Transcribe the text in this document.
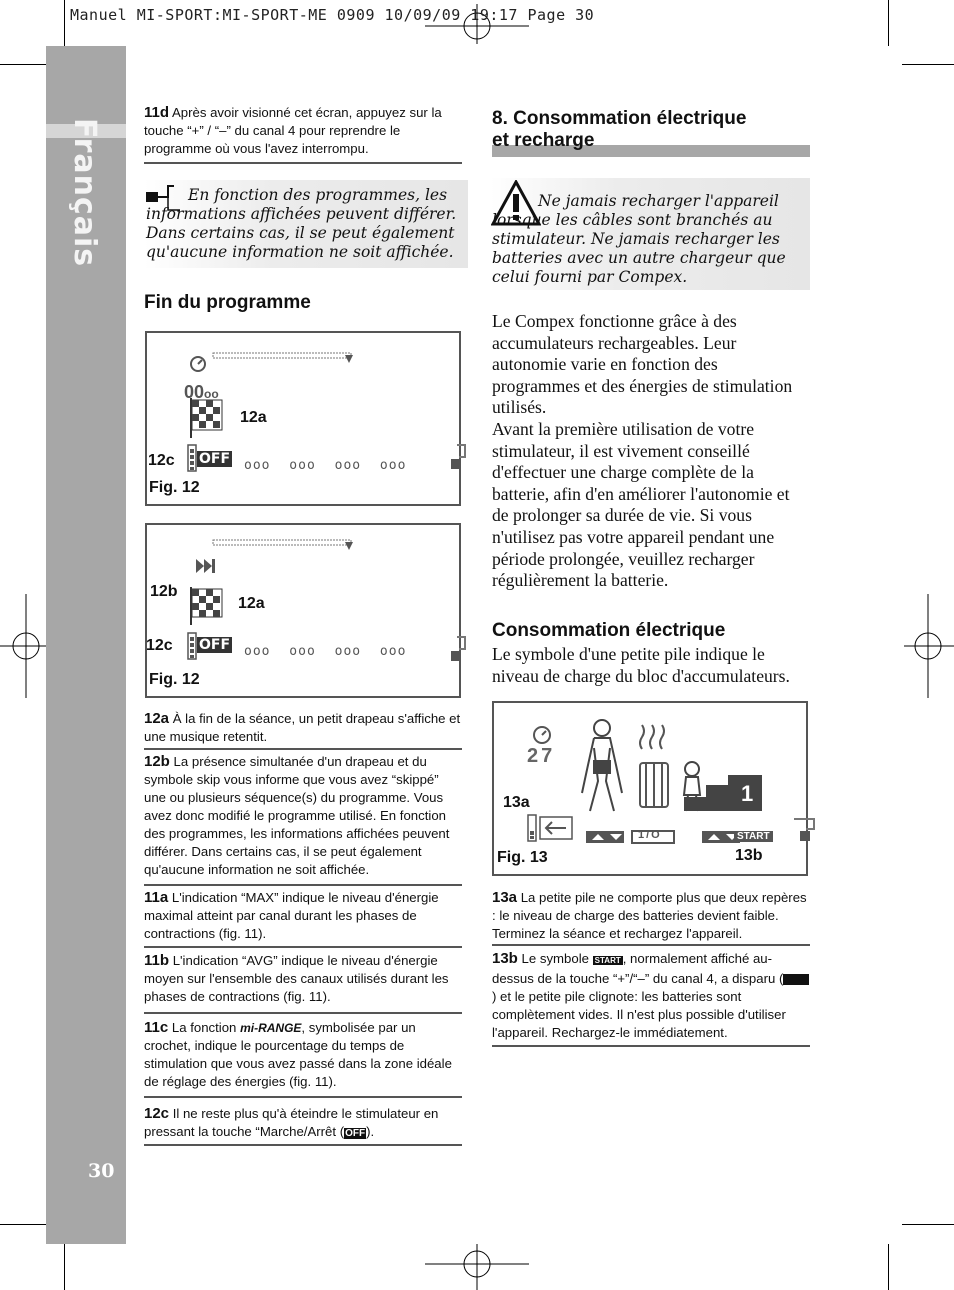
Manuel MI-SPORT:MI-SPORT-ME 0909 10/09/09 19:17 Page 30
Français
30
11d Après avoir visionné cet écran, appuyez sur la touche “+” / “–” du canal 4 pour reprendre le programme où vous l'avez interrompu.
En fonction des programmes, les informations affichées peuvent différer. Dans certains cas, il se peut également qu'aucune information ne soit affichée.
Fin du programme
00oo
12a
12c OFF ooo ooo ooo ooo
Fig. 12
12b
12a
12c OFF ooo ooo ooo ooo
Fig. 12
12a À la fin de la séance, un petit drapeau s'affiche et une musique retentit.
12b La présence simultanée d'un drapeau et du symbole skip vous informe que vous avez “skippé” une ou plusieurs séquence(s) du programme. Vous avez donc modifié le programme utilisé. En fonction des programmes, les informations affichées peuvent différer. Dans certains cas, il se peut également qu'aucune information ne soit affichée.
11a L'indication “MAX” indique le niveau d'énergie maximal atteint par canal durant les phases de contractions (fig. 11).
11b L'indication “AVG” indique le niveau d'énergie moyen sur l'ensemble des canaux utilisés durant les phases de contractions (fig. 11).
11c La fonction mi-RANGE, symbolisée par un crochet, indique le pourcentage du temps de stimulation que vous avez passé dans la zone idéale de réglage des énergies (fig. 11).
12c Il ne reste plus qu'à éteindre le stimulateur en pressant la touche “Marche/Arrêt (OFF).
8. Consommation électrique
et recharge
Ne jamais recharger l'appareil lorsque les câbles sont branchés au stimulateur. Ne jamais recharger les batteries avec un autre chargeur que celui fourni par Compex.
Le Compex fonctionne grâce à des accumulateurs rechargeables. Leur autonomie varie en fonction des programmes et des énergies de stimulation utilisés.
Avant la première utilisation de votre stimulateur, il est vivement conseillé d'effectuer une charge complète de la batterie, afin d'en améliorer l'autonomie et de prolonger sa durée de vie. Si vous n'utilisez pas votre appareil pendant une période prolongée, veuillez recharger régulièrement la batterie.
Consommation électrique
Le symbole d'une petite pile indique le niveau de charge du bloc d'accumulateurs.
27
1
1/O	START
13a
13b
Fig. 13
13a La petite pile ne comporte plus que deux repères : le niveau de charge des batteries devient faible. Terminez la séance et rechargez l'appareil.
13b Le symbole START , normalement affiché au-dessus de la touche “+”/“–” du canal 4, a disparu () et le petite pile clignote: les batteries sont complètement vides. Il n'est plus possible d'utiliser l'appareil. Rechargez-le immédiatement.
